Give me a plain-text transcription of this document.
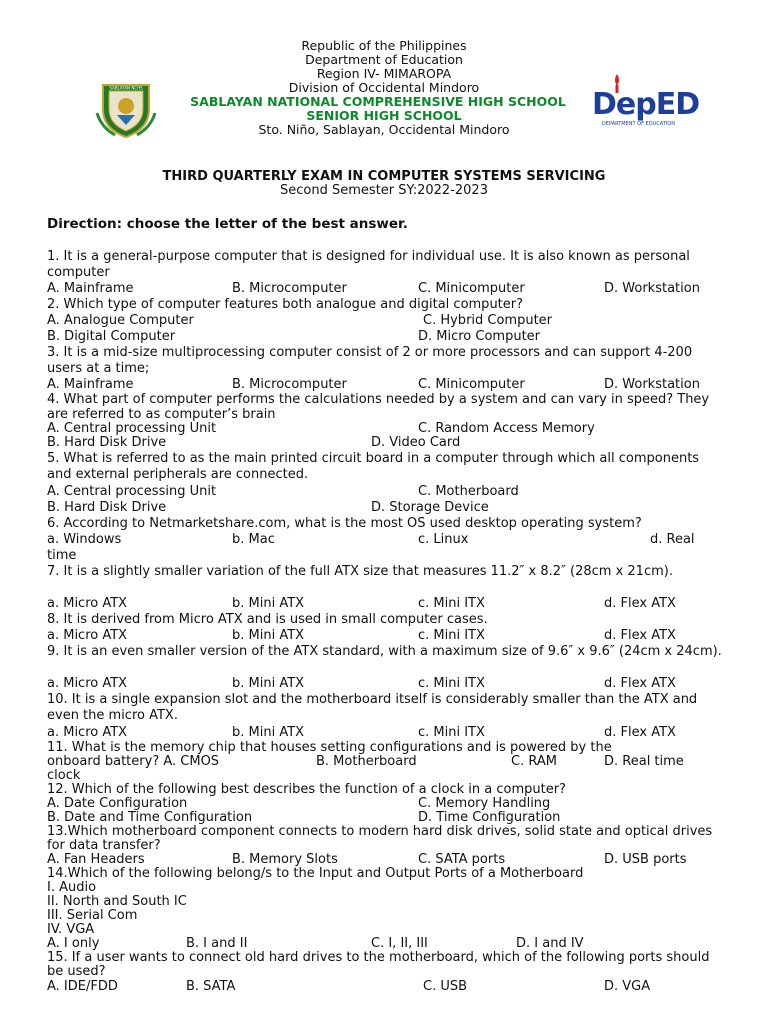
SABLAYAN NCHS
Republic of the Philippines
Department of Education
Region IV- MIMAROPA
Division of Occidental Mindoro
SABLAYAN NATIONAL COMPREHENSIVE HIGH SCHOOL
SENIOR HIGH SCHOOL
Sto. Niño, Sablayan, Occidental Mindoro
DepED
DEPARTMENT OF EDUCATION
THIRD QUARTERLY EXAM IN COMPUTER SYSTEMS SERVICING
Second Semester SY:2022-2023
Direction: choose the letter of the best answer.
1. It is a general-purpose computer that is designed for individual use. It is also known as personal computer
A. Mainframe	B. Microcomputer	C. Minicomputer	D. Workstation
2. Which type of computer features both analogue and digital computer?
A. Analogue Computer	C. Hybrid Computer
B. Digital Computer	D. Micro Computer
3. It is a mid-size multiprocessing computer consist of 2 or more processors and can support 4-200 users at a time;
A. Mainframe	B. Microcomputer	C. Minicomputer	D. Workstation
4. What part of computer performs the calculations needed by a system and can vary in speed? They are referred to as computer’s brain
A. Central processing Unit	C. Random Access Memory
B. Hard Disk Drive	D. Video Card
5. What is referred to as the main printed circuit board in a computer through which all components and external peripherals are connected.
A. Central processing Unit	C. Motherboard
B. Hard Disk Drive	D. Storage Device
6. According to Netmarketshare.com, what is the most OS used desktop operating system?
a. Windows	b. Mac	c. Linux	d. Real
time
7. It is a slightly smaller variation of the full ATX size that measures 11.2″ x 8.2″ (28cm x 21cm).
a. Micro ATX	b. Mini ATX	c. Mini ITX	d. Flex ATX
8. It is derived from Micro ATX and is used in small computer cases.
a. Micro ATX	b. Mini ATX	c. Mini ITX	d. Flex ATX
9. It is an even smaller version of the ATX standard, with a maximum size of 9.6″ x 9.6″ (24cm x 24cm).
a. Micro ATX	b. Mini ATX	c. Mini ITX	d. Flex ATX
10. It is a single expansion slot and the motherboard itself is considerably smaller than the ATX and even the micro ATX.
a. Micro ATX	b. Mini ATX	c. Mini ITX	d. Flex ATX
11. What is the memory chip that houses setting configurations and is powered by the
onboard battery? A. CMOS	B. Motherboard	C. RAM	D. Real time
clock
12. Which of the following best describes the function of a clock in a computer?
A. Date Configuration	C. Memory Handling
B. Date and Time Configuration	D. Time Configuration
13.Which motherboard component connects to modern hard disk drives, solid state and optical drives for data transfer?
A. Fan Headers	B. Memory Slots	C. SATA ports	D. USB ports
14.Which of the following belong/s to the Input and Output Ports of a Motherboard
I. Audio
II. North and South IC
III. Serial Com
IV. VGA
A. I only	B. I and II	C. I, II, III	D. I and IV
15. If a user wants to connect old hard drives to the motherboard, which of the following ports should be used?
A. IDE/FDD	B. SATA	C. USB	D. VGA
